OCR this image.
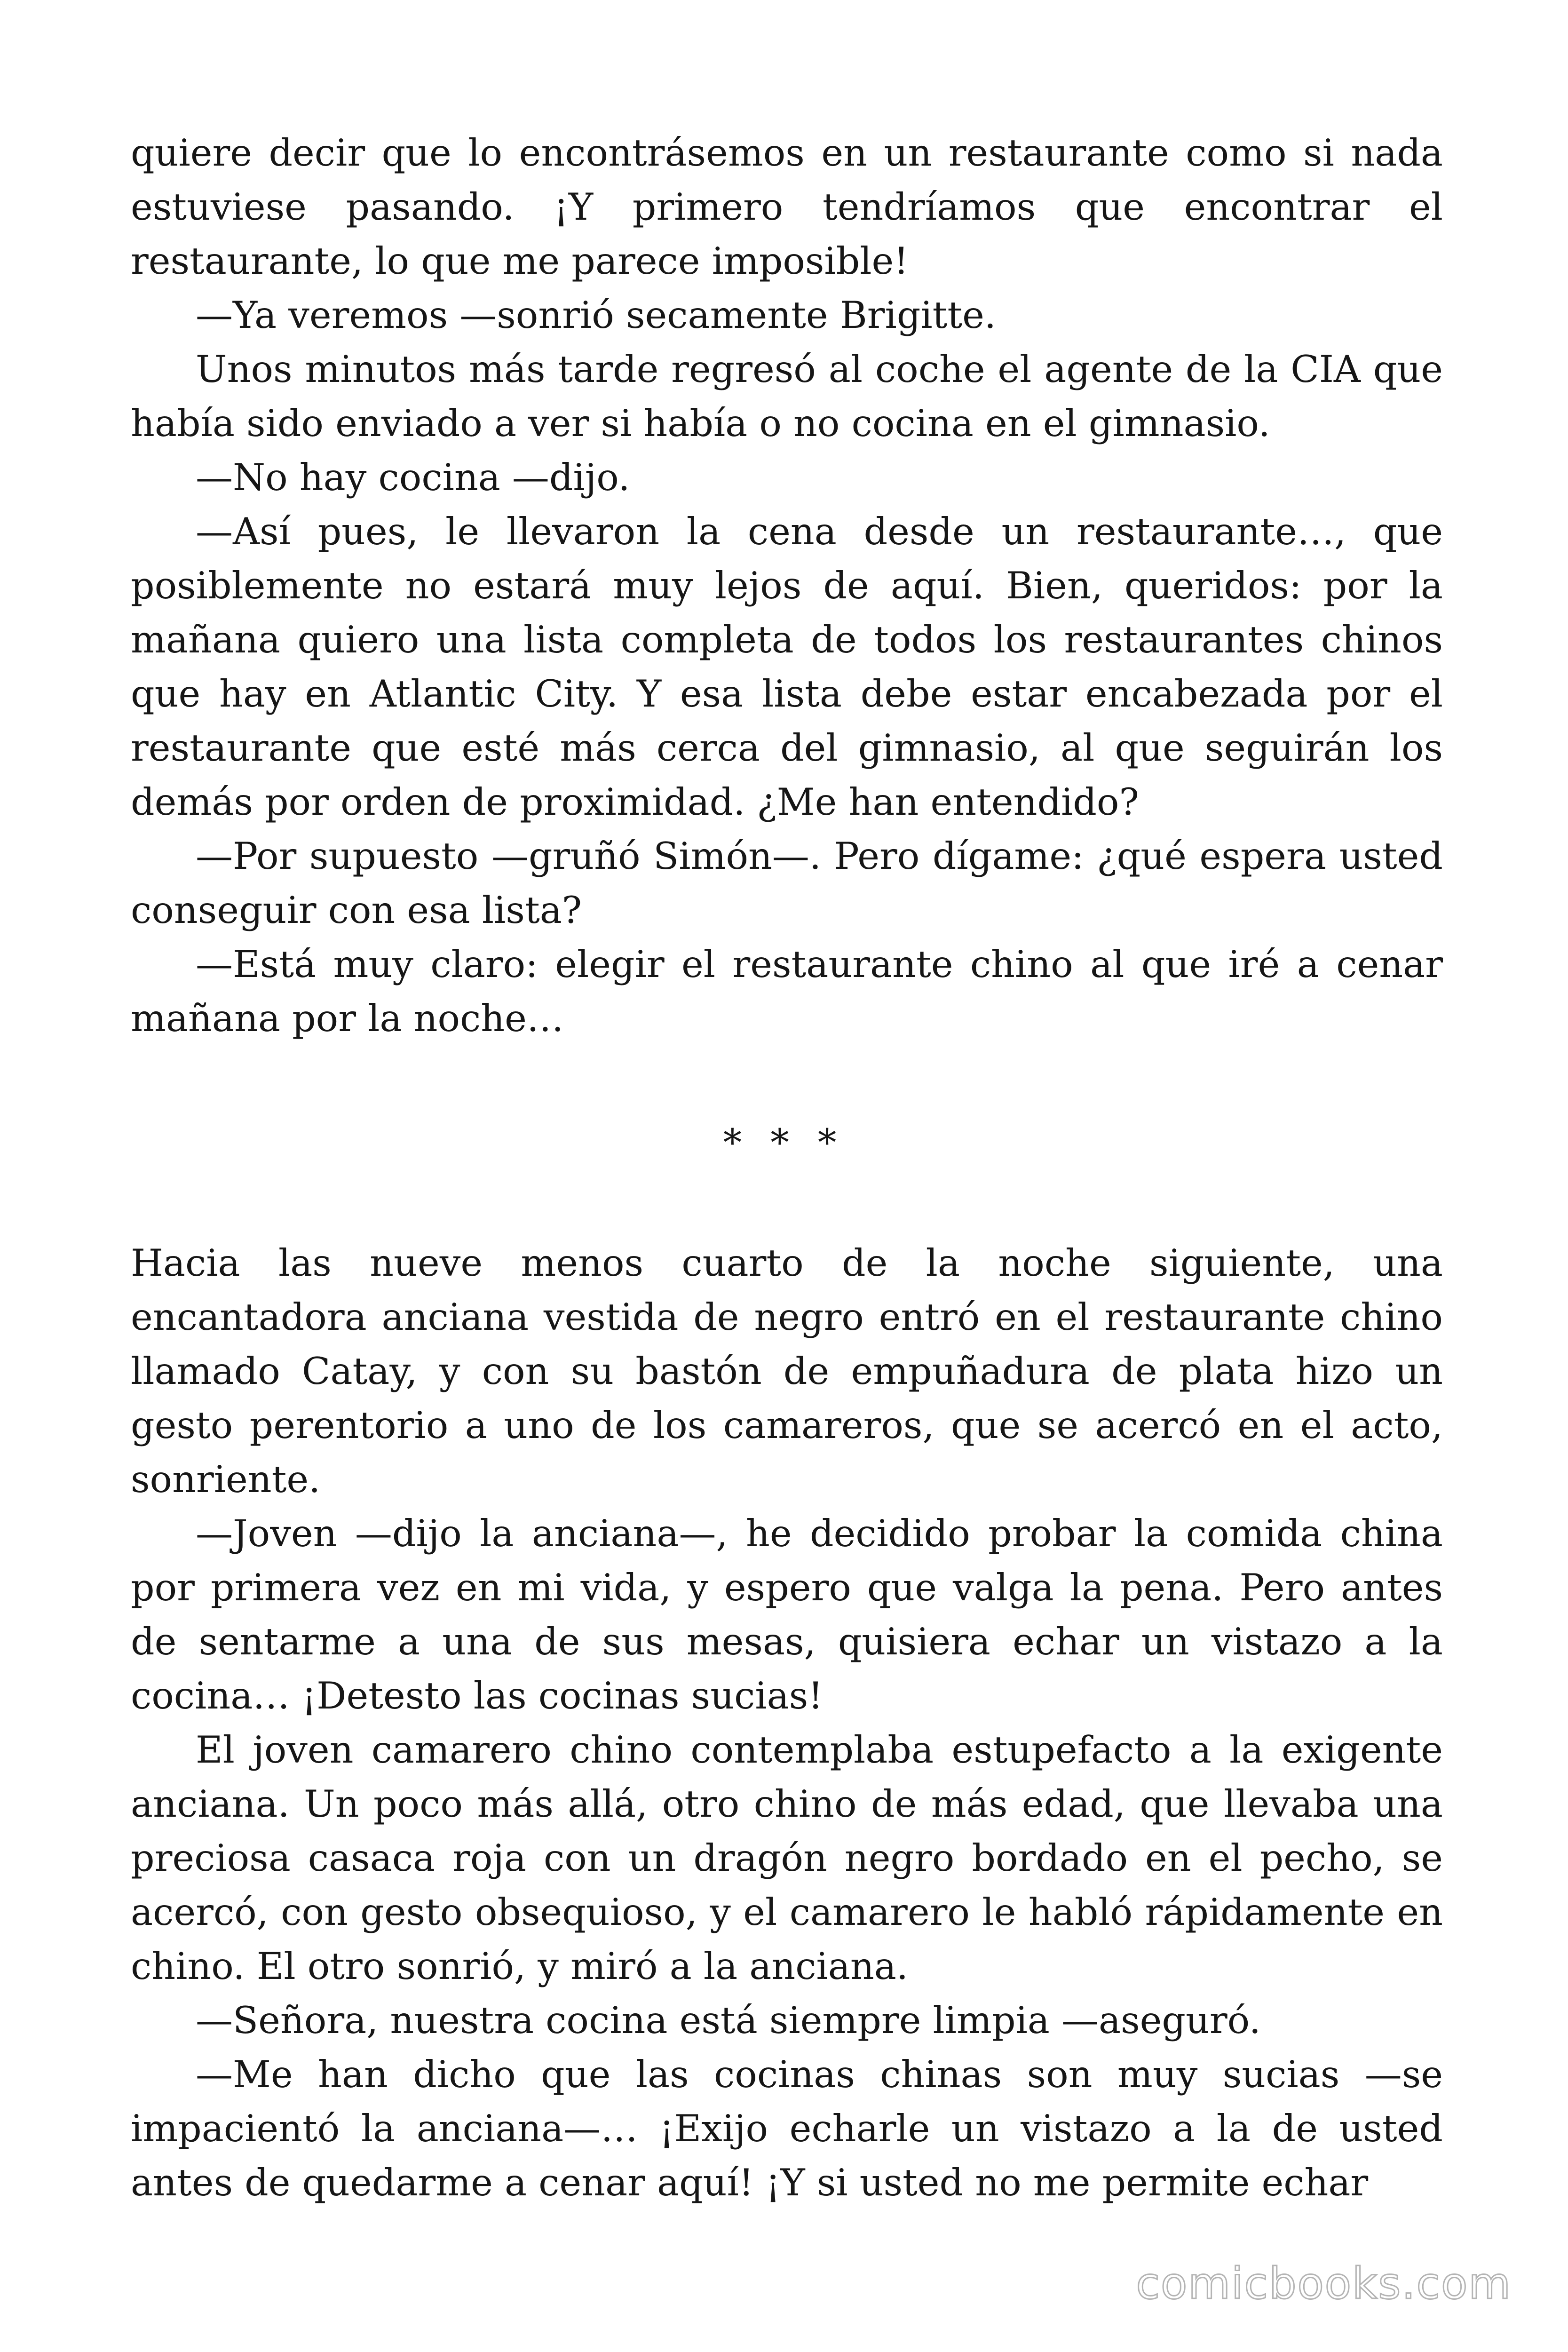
quiere decir que lo encontrásemos en un restaurante como si nada estuviese pasando. ¡Y primero tendríamos que encontrar el restaurante, lo que me parece imposible!

—Ya veremos —sonrió secamente Brigitte.

Unos minutos más tarde regresó al coche el agente de la CIA que había sido enviado a ver si había o no cocina en el gimnasio.

—No hay cocina —dijo.

—Así pues, le llevaron la cena desde un restaurante…, que posiblemente no estará muy lejos de aquí. Bien, queridos: por la mañana quiero una lista completa de todos los restaurantes chinos que hay en Atlantic City. Y esa lista debe estar encabezada por el restaurante que esté más cerca del gimnasio, al que seguirán los demás por orden de proximidad. ¿Me han entendido?

—Por supuesto —gruñó Simón—. Pero dígame: ¿qué espera usted conseguir con esa lista?

—Está muy claro: elegir el restaurante chino al que iré a cenar mañana por la noche…

* * *

Hacia las nueve menos cuarto de la noche siguiente, una encantadora anciana vestida de negro entró en el restaurante chino llamado Catay, y con su bastón de empuñadura de plata hizo un gesto perentorio a uno de los camareros, que se acercó en el acto, sonriente.

—Joven —dijo la anciana—, he decidido probar la comida china por primera vez en mi vida, y espero que valga la pena. Pero antes de sentarme a una de sus mesas, quisiera echar un vistazo a la cocina… ¡Detesto las cocinas sucias!

El joven camarero chino contemplaba estupefacto a la exigente anciana. Un poco más allá, otro chino de más edad, que llevaba una preciosa casaca roja con un dragón negro bordado en el pecho, se acercó, con gesto obsequioso, y el camarero le habló rápidamente en chino. El otro sonrió, y miró a la anciana.

—Señora, nuestra cocina está siempre limpia —aseguró.

—Me han dicho que las cocinas chinas son muy sucias —se impacientó la anciana—… ¡Exijo echarle un vistazo a la de usted antes de quedarme a cenar aquí! ¡Y si usted no me permite echar

comicbooks.com
